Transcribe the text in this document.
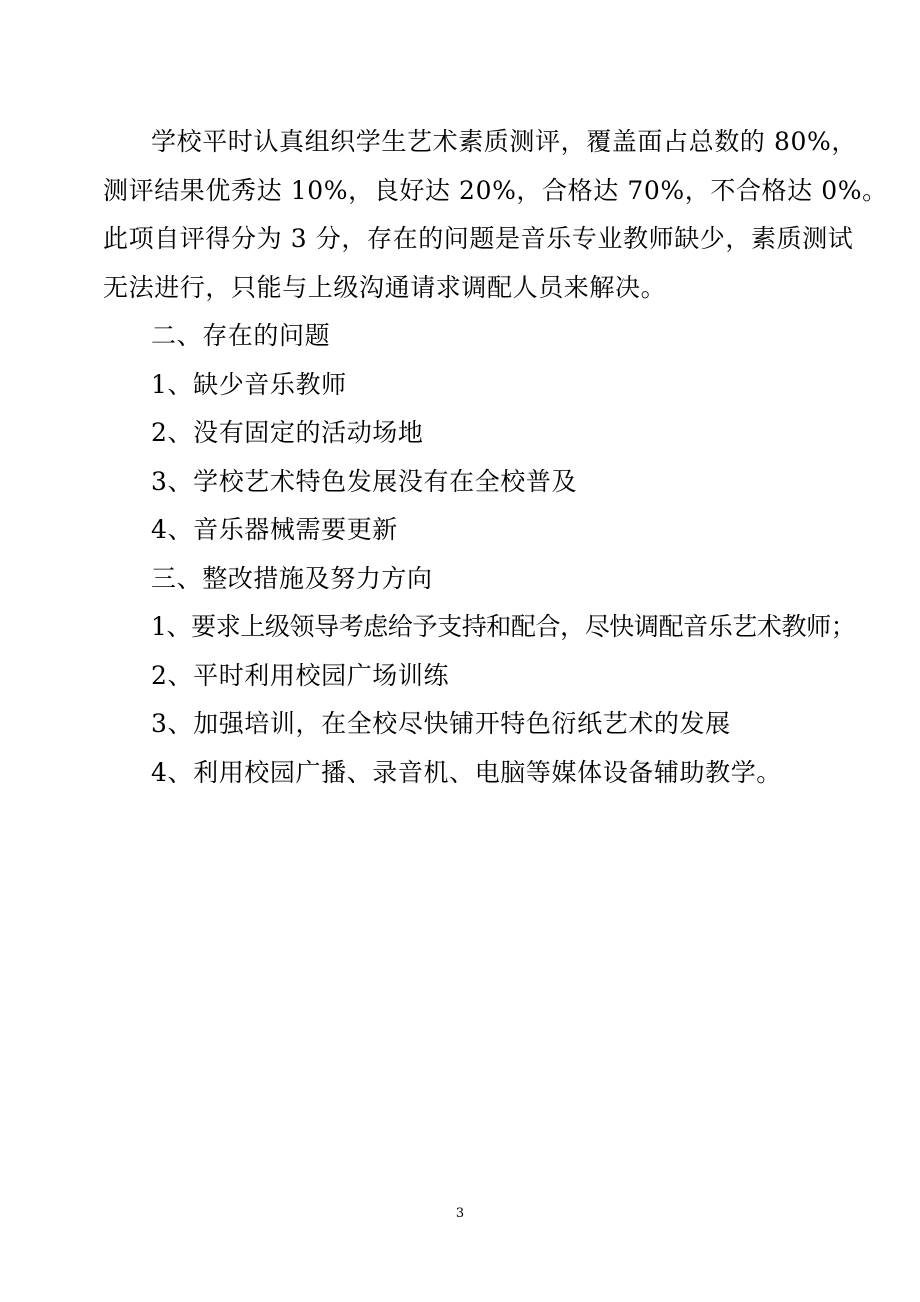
学校平时认真组织学生艺术素质测评，覆盖面占总数的 80%，
测评结果优秀达 10%，良好达 20%，合格达 70%，不合格达 0%。
此项自评得分为 3 分，存在的问题是音乐专业教师缺少，素质测试
无法进行，只能与上级沟通请求调配人员来解决。

二、存在的问题
1、缺少音乐教师
2、没有固定的活动场地
3、学校艺术特色发展没有在全校普及
4、音乐器械需要更新

三、整改措施及努力方向
1、要求上级领导考虑给予支持和配合，尽快调配音乐艺术教师；
2、平时利用校园广场训练
3、加强培训，在全校尽快铺开特色衍纸艺术的发展
4、利用校园广播、录音机、电脑等媒体设备辅助教学。

3
